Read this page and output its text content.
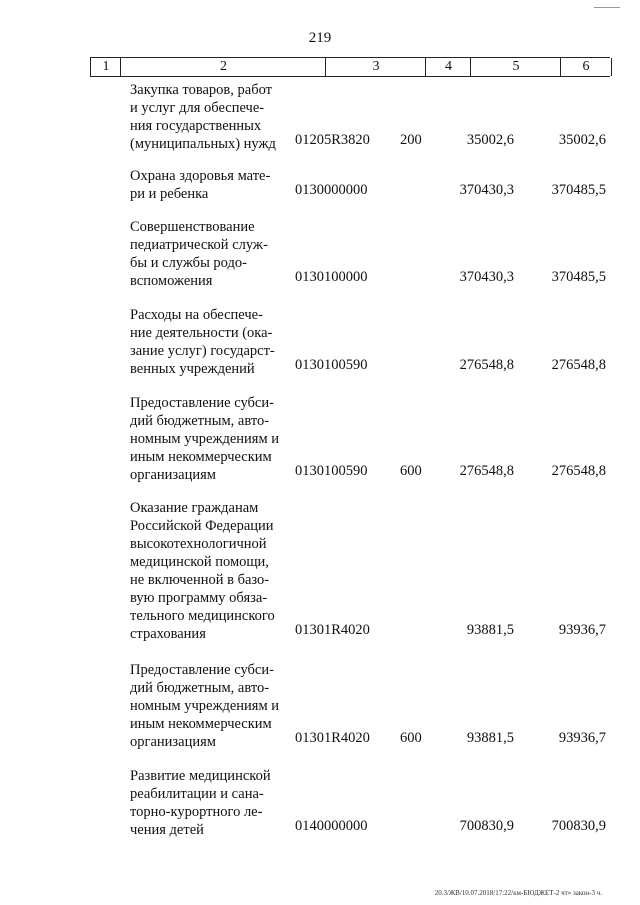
219
1	2	3	4	5	6
Закупка товаров, работ
и услуг для обеспече-
ния государственных
(муниципальных) нужд 01205R3820 200	35002,6	35002,6
Охрана здоровья мате-
ри и ребенка	0130000000	370430,3	370485,5
Совершенствование
педиатрической служ-
бы и службы родо-
вспоможения	0130100000	370430,3	370485,5
Расходы на обеспече-
ние деятельности (ока-
зание услуг) государст-
венных учреждений	0130100590	276548,8	276548,8
Предоставление субси-
дий бюджетным, авто-
номным учреждениям и
иным некоммерческим
организациям	0130100590 600	276548,8	276548,8
Оказание гражданам
Российской Федерации
высокотехнологичной
медицинской помощи,
не включенной в базо-
вую программу обяза-
тельного медицинского
страхования	01301R4020	93881,5	93936,7
Предоставление субси-
дий бюджетным, авто-
номным учреждениям и
иным некоммерческим
организациям	01301R4020 600	93881,5	93936,7
Развитие медицинской
реабилитации и сана-
торно-курортного ле-
чения детей	0140000000	700830,9	700830,9
20.3/ЖВ/10.07.2018/17:22/км-БЮДЖЕТ-2 чт» закон-3 ч.
